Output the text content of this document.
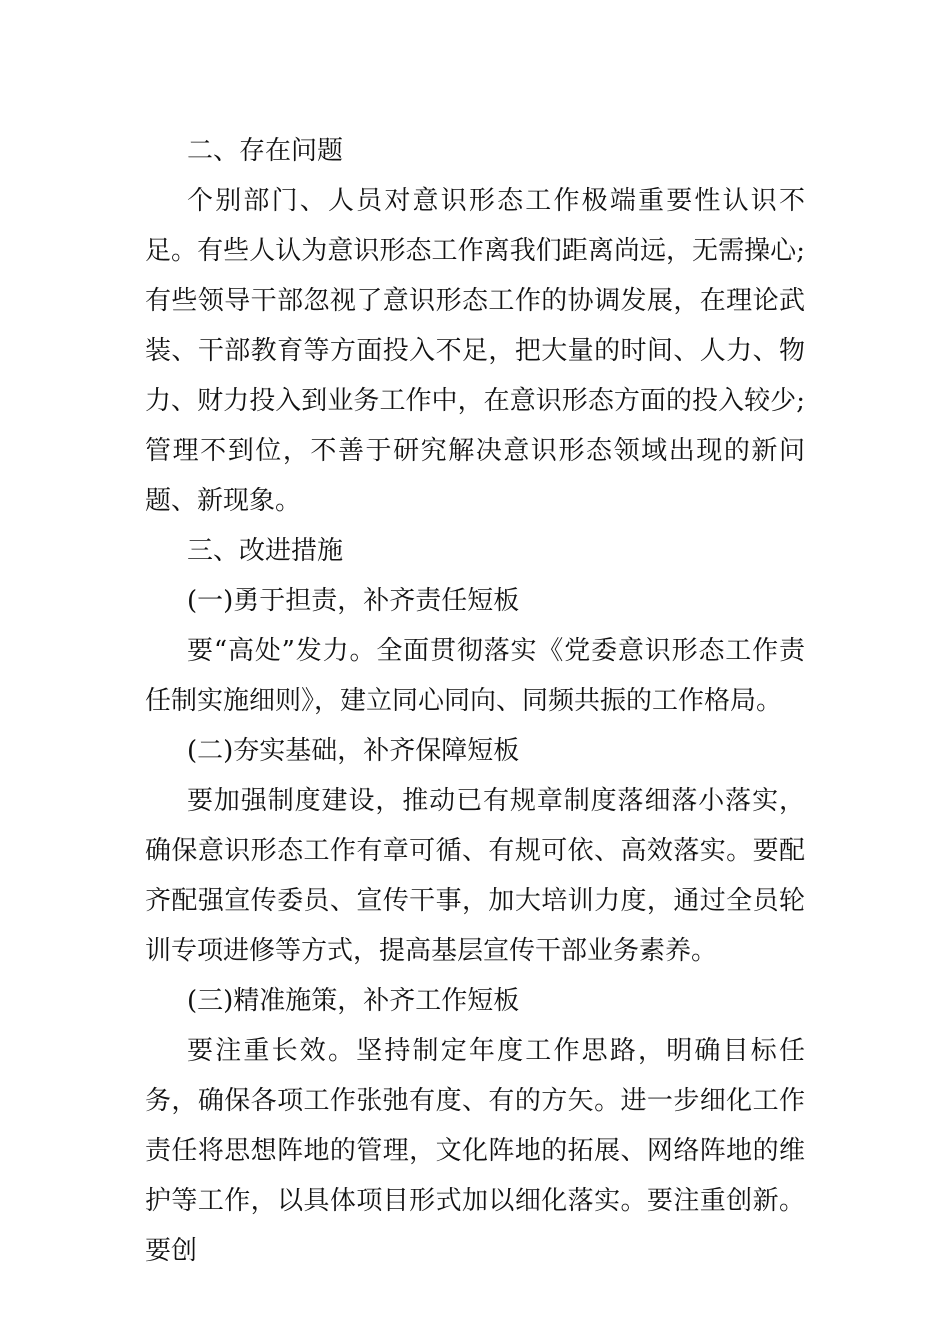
二、存在问题

个别部门、人员对意识形态工作极端重要性认识不足。有些人认为意识形态工作离我们距离尚远，无需操心;有些领导干部忽视了意识形态工作的协调发展，在理论武装、干部教育等方面投入不足，把大量的时间、人力、物力、财力投入到业务工作中，在意识形态方面的投入较少;管理不到位，不善于研究解决意识形态领域出现的新问题、新现象。

三、改进措施

(一)勇于担责，补齐责任短板

要“高处”发力。全面贯彻落实《党委意识形态工作责任制实施细则》，建立同心同向、同频共振的工作格局。

(二)夯实基础，补齐保障短板

要加强制度建设，推动已有规章制度落细落小落实，确保意识形态工作有章可循、有规可依、高效落实。要配齐配强宣传委员、宣传干事，加大培训力度，通过全员轮训专项进修等方式，提高基层宣传干部业务素养。

(三)精准施策，补齐工作短板

要注重长效。坚持制定年度工作思路，明确目标任务，确保各项工作张弛有度、有的方矢。进一步细化工作责任将思想阵地的管理，文化阵地的拓展、网络阵地的维护等工作，以具体项目形式加以细化落实。要注重创新。要创
